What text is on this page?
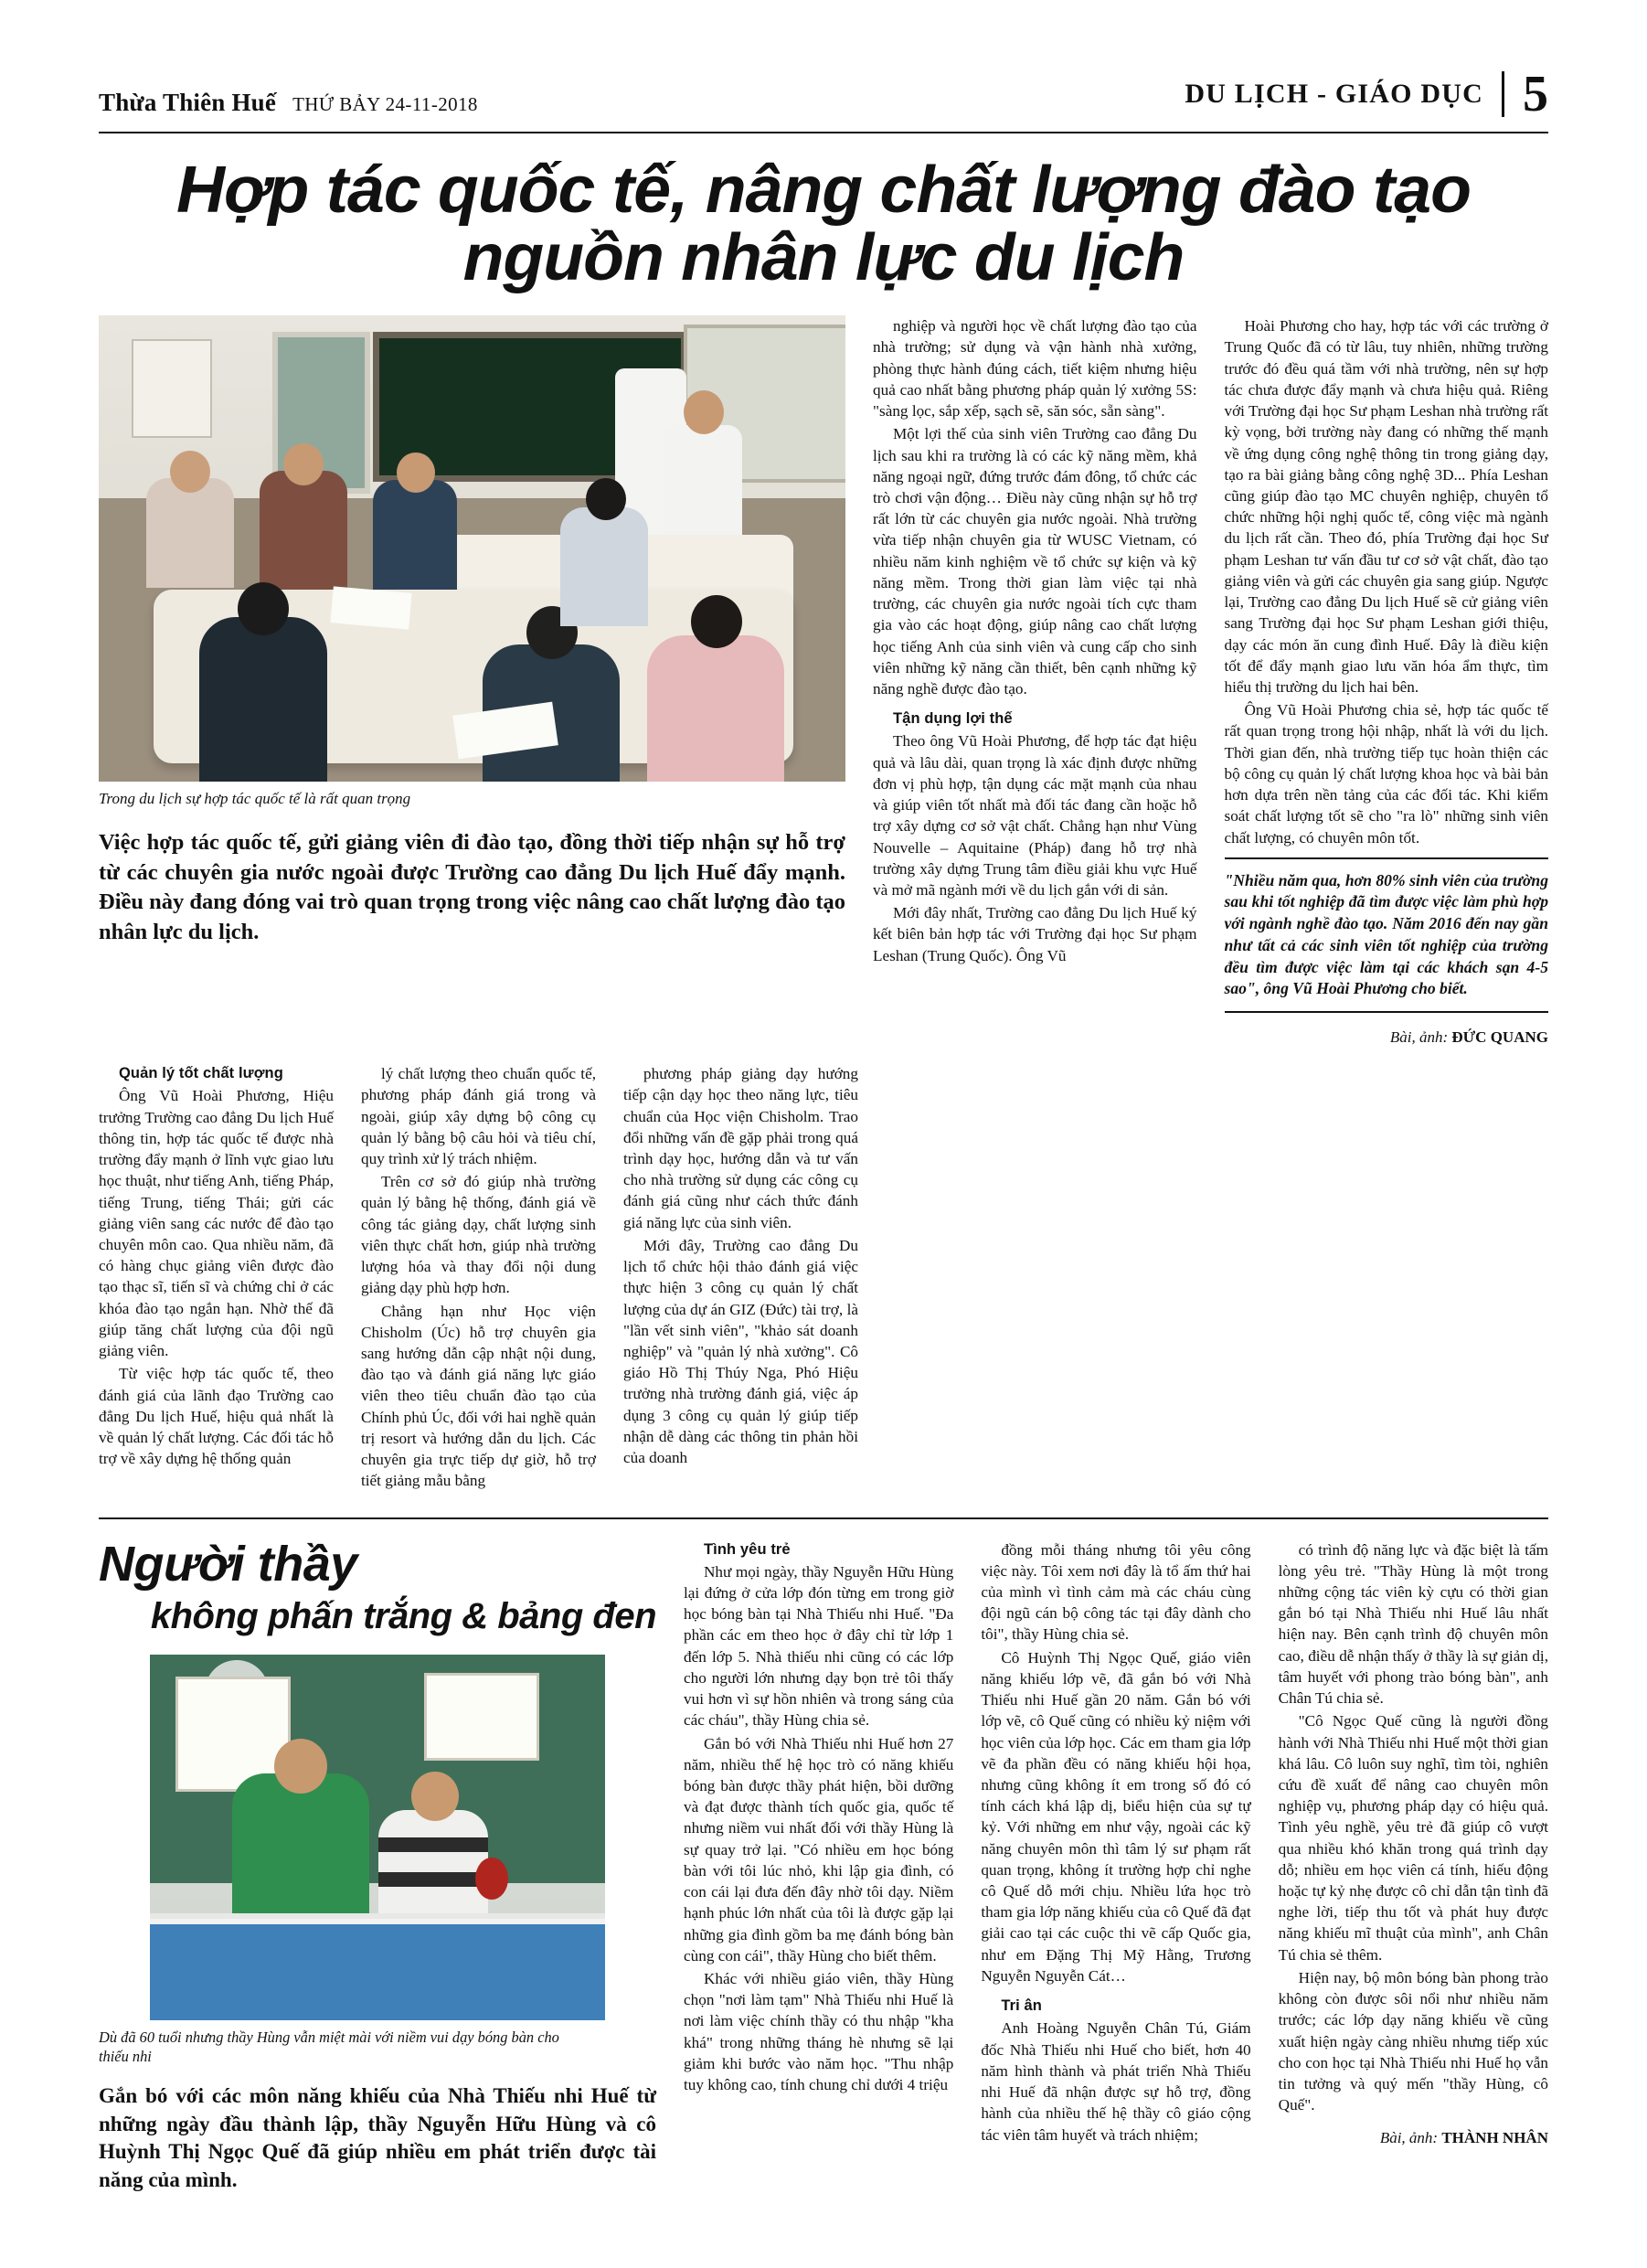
Thừa Thiên Huế THỨ BẢY 24-11-2018	DU LỊCH - GIÁO DỤC 5
Hợp tác quốc tế, nâng chất lượng đào tạo nguồn nhân lực du lịch
Trong du lịch sự hợp tác quốc tế là rất quan trọng
Việc hợp tác quốc tế, gửi giảng viên đi đào tạo, đồng thời tiếp nhận sự hỗ trợ từ các chuyên gia nước ngoài được Trường cao đẳng Du lịch Huế đẩy mạnh. Điều này đang đóng vai trò quan trọng trong việc nâng cao chất lượng đào tạo nhân lực du lịch.

nghiệp và người học về chất lượng đào tạo của nhà trường; sử dụng và vận hành nhà xưởng, phòng thực hành đúng cách, tiết kiệm nhưng hiệu quả cao nhất bằng phương pháp quản lý xưởng 5S: "sàng lọc, sắp xếp, sạch sẽ, săn sóc, sẵn sàng".

Một lợi thế của sinh viên Trường cao đẳng Du lịch sau khi ra trường là có các kỹ năng mềm, khả năng ngoại ngữ, đứng trước đám đông, tổ chức các trò chơi vận động… Điều này cũng nhận sự hỗ trợ rất lớn từ các chuyên gia nước ngoài. Nhà trường vừa tiếp nhận chuyên gia từ WUSC Vietnam, có nhiều năm kinh nghiệm về tổ chức sự kiện và kỹ năng mềm. Trong thời gian làm việc tại nhà trường, các chuyên gia nước ngoài tích cực tham gia vào các hoạt động, giúp nâng cao chất lượng học tiếng Anh của sinh viên và cung cấp cho sinh viên những kỹ năng cần thiết, bên cạnh những kỹ năng nghề được đào tạo.

Tận dụng lợi thế

Theo ông Vũ Hoài Phương, để hợp tác đạt hiệu quả và lâu dài, quan trọng là xác định được những đơn vị phù hợp, tận dụng các mặt mạnh của nhau và giúp viên tốt nhất mà đối tác đang cần hoặc hỗ trợ xây dựng cơ sở vật chất. Chẳng hạn như Vùng Nouvelle – Aquitaine (Pháp) đang hỗ trợ nhà trường xây dựng Trung tâm điều giải khu vực Huế và mở mã ngành mới về du lịch gắn với di sản.

Mới đây nhất, Trường cao đẳng Du lịch Huế ký kết biên bản hợp tác với Trường đại học Sư phạm Leshan (Trung Quốc). Ông Vũ

Hoài Phương cho hay, hợp tác với các trường ở Trung Quốc đã có từ lâu, tuy nhiên, những trường trước đó đều quá tầm với nhà trường, nên sự hợp tác chưa được đẩy mạnh và chưa hiệu quả. Riêng với Trường đại học Sư phạm Leshan nhà trường rất kỳ vọng, bởi trường này đang có những thế mạnh về ứng dụng công nghệ thông tin trong giảng dạy, tạo ra bài giảng bằng công nghệ 3D... Phía Leshan cũng giúp đào tạo MC chuyên nghiệp, chuyên tổ chức những hội nghị quốc tế, công việc mà ngành du lịch rất cần. Theo đó, phía Trường đại học Sư phạm Leshan tư vấn đầu tư cơ sở vật chất, đào tạo giảng viên và gửi các chuyên gia sang giúp. Ngược lại, Trường cao đẳng Du lịch Huế sẽ cử giảng viên sang Trường đại học Sư phạm Leshan giới thiệu, dạy các món ăn cung đình Huế. Đây là điều kiện tốt để đẩy mạnh giao lưu văn hóa ẩm thực, tìm hiểu thị trường du lịch hai bên.

Ông Vũ Hoài Phương chia sẻ, hợp tác quốc tế rất quan trọng trong hội nhập, nhất là với du lịch. Thời gian đến, nhà trường tiếp tục hoàn thiện các bộ công cụ quản lý chất lượng khoa học và bài bản hơn dựa trên nền tảng của các đối tác. Khi kiểm soát chất lượng tốt sẽ cho "ra lò" những sinh viên chất lượng, có chuyên môn tốt.

"Nhiều năm qua, hơn 80% sinh viên của trường sau khi tốt nghiệp đã tìm được việc làm phù hợp với ngành nghề đào tạo. Năm 2016 đến nay gần như tất cả các sinh viên tốt nghiệp của trường đều tìm được việc làm tại các khách sạn 4-5 sao", ông Vũ Hoài Phương cho biết.
Bài, ảnh: ĐỨC QUANG

Quản lý tốt chất lượng

Ông Vũ Hoài Phương, Hiệu trưởng Trường cao đẳng Du lịch Huế thông tin, hợp tác quốc tế được nhà trường đẩy mạnh ở lĩnh vực giao lưu học thuật, như tiếng Anh, tiếng Pháp, tiếng Trung, tiếng Thái; gửi các giảng viên sang các nước để đào tạo chuyên môn cao. Qua nhiều năm, đã có hàng chục giảng viên được đào tạo thạc sĩ, tiến sĩ và chứng chỉ ở các khóa đào tạo ngắn hạn. Nhờ thế đã giúp tăng chất lượng của đội ngũ giảng viên.

Từ việc hợp tác quốc tế, theo đánh giá của lãnh đạo Trường cao đẳng Du lịch Huế, hiệu quả nhất là về quản lý chất lượng. Các đối tác hỗ trợ về xây dựng hệ thống quản

lý chất lượng theo chuẩn quốc tế, phương pháp đánh giá trong và ngoài, giúp xây dựng bộ công cụ quản lý bằng bộ câu hỏi và tiêu chí, quy trình xử lý trách nhiệm.

Trên cơ sở đó giúp nhà trường quản lý bằng hệ thống, đánh giá về công tác giảng dạy, chất lượng sinh viên thực chất hơn, giúp nhà trường lượng hóa và thay đổi nội dung giảng dạy phù hợp hơn.

Chẳng hạn như Học viện Chisholm (Úc) hỗ trợ chuyên gia sang hướng dẫn cập nhật nội dung, đào tạo và đánh giá năng lực giáo viên theo tiêu chuẩn đào tạo của Chính phủ Úc, đối với hai nghề quản trị resort và hướng dẫn du lịch. Các chuyên gia trực tiếp dự giờ, hỗ trợ tiết giảng mẫu bằng

phương pháp giảng dạy hướng tiếp cận dạy học theo năng lực, tiêu chuẩn của Học viện Chisholm. Trao đổi những vấn đề gặp phải trong quá trình dạy học, hướng dẫn và tư vấn cho nhà trường sử dụng các công cụ đánh giá cũng như cách thức đánh giá năng lực của sinh viên.

Mới đây, Trường cao đẳng Du lịch tổ chức hội thảo đánh giá việc thực hiện 3 công cụ quản lý chất lượng của dự án GIZ (Đức) tài trợ, là "lần vết sinh viên", "khảo sát doanh nghiệp" và "quản lý nhà xưởng". Cô giáo Hồ Thị Thúy Nga, Phó Hiệu trưởng nhà trường đánh giá, việc áp dụng 3 công cụ quản lý giúp tiếp nhận dễ dàng các thông tin phản hồi của doanh

Người thầy
không phấn trắng & bảng đen
Dù đã 60 tuổi nhưng thầy Hùng vẫn miệt mài với niềm vui dạy bóng bàn cho thiếu nhi
Gắn bó với các môn năng khiếu của Nhà Thiếu nhi Huế từ những ngày đầu thành lập, thầy Nguyễn Hữu Hùng và cô Huỳnh Thị Ngọc Quế đã giúp nhiều em phát triển được tài năng của mình.

Tình yêu trẻ

Như mọi ngày, thầy Nguyễn Hữu Hùng lại đứng ở cửa lớp đón từng em trong giờ học bóng bàn tại Nhà Thiếu nhi Huế. "Đa phần các em theo học ở đây chỉ từ lớp 1 đến lớp 5. Nhà thiếu nhi cũng có các lớp cho người lớn nhưng dạy bọn trẻ tôi thấy vui hơn vì sự hồn nhiên và trong sáng của các cháu", thầy Hùng chia sẻ.

Gắn bó với Nhà Thiếu nhi Huế hơn 27 năm, nhiều thế hệ học trò có năng khiếu bóng bàn được thầy phát hiện, bồi dưỡng và đạt được thành tích quốc gia, quốc tế nhưng niềm vui nhất đối với thầy Hùng là sự quay trở lại. "Có nhiều em học bóng bàn với tôi lúc nhỏ, khi lập gia đình, có con cái lại đưa đến đây nhờ tôi dạy. Niềm hạnh phúc lớn nhất của tôi là được gặp lại những gia đình gồm ba mẹ đánh bóng bàn cùng con cái", thầy Hùng cho biết thêm.

Khác với nhiều giáo viên, thầy Hùng chọn "nơi làm tạm" Nhà Thiếu nhi Huế là nơi làm việc chính thầy có thu nhập "kha khá" trong những tháng hè nhưng sẽ lại giảm khi bước vào năm học. "Thu nhập tuy không cao, tính chung chỉ dưới 4 triệu

đồng mỗi tháng nhưng tôi yêu công việc này. Tôi xem nơi đây là tổ ấm thứ hai của mình vì tình cảm mà các cháu cùng đội ngũ cán bộ công tác tại đây dành cho tôi", thầy Hùng chia sẻ.

Cô Huỳnh Thị Ngọc Quế, giáo viên năng khiếu lớp vẽ, đã gắn bó với Nhà Thiếu nhi Huế gần 20 năm. Gắn bó với lớp vẽ, cô Quế cũng có nhiều kỷ niệm với học viên của lớp học. Các em tham gia lớp vẽ đa phần đều có năng khiếu hội họa, nhưng cũng không ít em trong số đó có tính cách khá lập dị, biểu hiện của sự tự kỷ. Với những em như vậy, ngoài các kỹ năng chuyên môn thì tâm lý sư phạm rất quan trọng, không ít trường hợp chỉ nghe cô Quế dỗ mới chịu. Nhiều lứa học trò tham gia lớp năng khiếu của cô Quế đã đạt giải cao tại các cuộc thi vẽ cấp Quốc gia, như em Đặng Thị Mỹ Hằng, Trương Nguyễn Nguyễn Cát…

Tri ân

Anh Hoàng Nguyễn Chân Tú, Giám đốc Nhà Thiếu nhi Huế cho biết, hơn 40 năm hình thành và phát triển Nhà Thiếu nhi Huế đã nhận được sự hỗ trợ, đồng hành của nhiều thế hệ thầy cô giáo cộng tác viên tâm huyết và trách nhiệm;

có trình độ năng lực và đặc biệt là tấm lòng yêu trẻ. "Thầy Hùng là một trong những cộng tác viên kỳ cựu có thời gian gắn bó tại Nhà Thiếu nhi Huế lâu nhất hiện nay. Bên cạnh trình độ chuyên môn cao, điều dễ nhận thấy ở thầy là sự giản dị, tâm huyết với phong trào bóng bàn", anh Chân Tú chia sẻ.

"Cô Ngọc Quế cũng là người đồng hành với Nhà Thiếu nhi Huế một thời gian khá lâu. Cô luôn suy nghĩ, tìm tòi, nghiên cứu đề xuất để nâng cao chuyên môn nghiệp vụ, phương pháp dạy có hiệu quả. Tình yêu nghề, yêu trẻ đã giúp cô vượt qua nhiều khó khăn trong quá trình dạy dỗ; nhiều em học viên cá tính, hiếu động hoặc tự kỷ nhẹ được cô chỉ dẫn tận tình đã nghe lời, tiếp thu tốt và phát huy được năng khiếu mĩ thuật của mình", anh Chân Tú chia sẻ thêm.

Hiện nay, bộ môn bóng bàn phong trào không còn được sôi nổi như nhiều năm trước; các lớp dạy năng khiếu về cũng xuất hiện ngày càng nhiều nhưng tiếp xúc cho con học tại Nhà Thiếu nhi Huế họ vẫn tin tưởng và quý mến "thầy Hùng, cô Quế".

Bài, ảnh: THÀNH NHÂN
